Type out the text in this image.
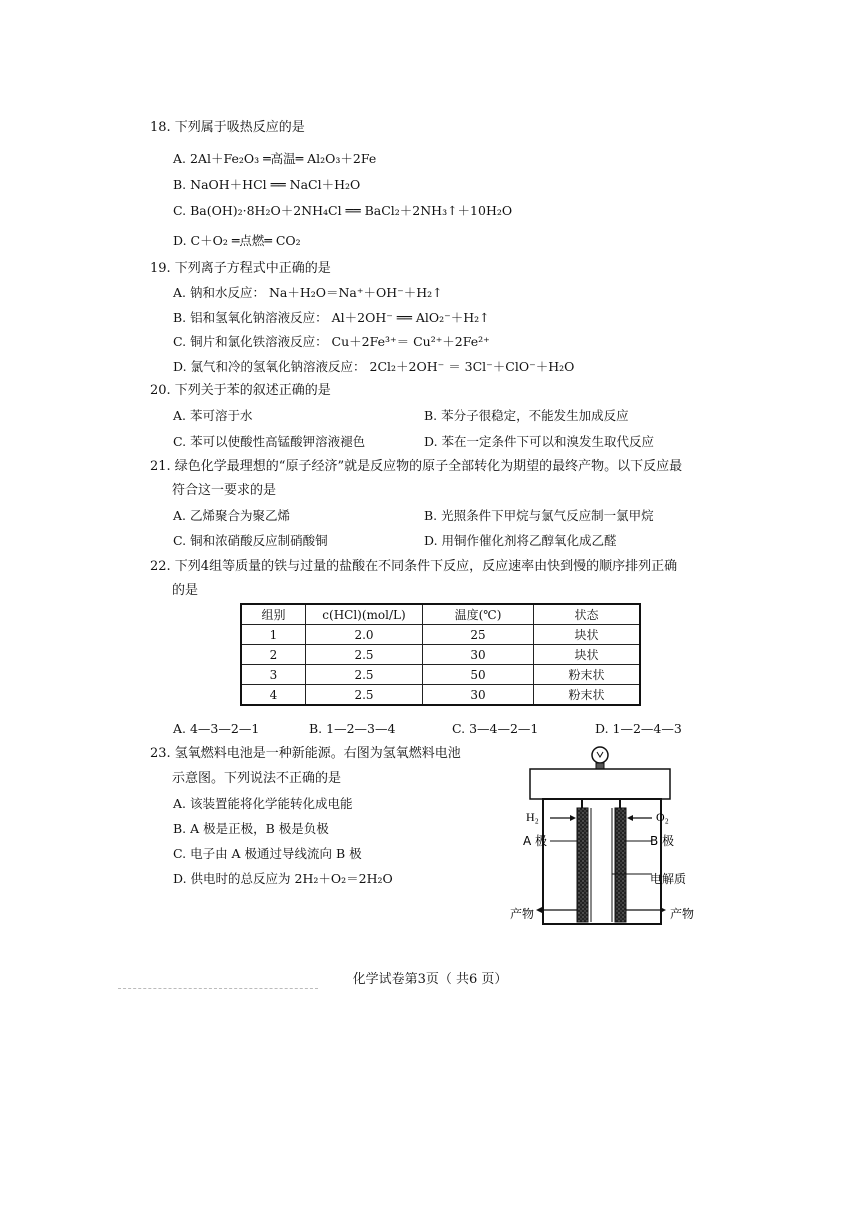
18. 下列属于吸热反应的是
A. 2Al＋Fe₂O₃ ═高温═ Al₂O₃＋2Fe
B. NaOH＋HCl ══ NaCl＋H₂O
C. Ba(OH)₂·8H₂O＋2NH₄Cl ══ BaCl₂＋2NH₃↑＋10H₂O
D. C＋O₂ ═点燃═ CO₂
19. 下列离子方程式中正确的是
A. 钠和水反应： Na＋H₂O＝Na⁺＋OH⁻＋H₂↑
B. 铝和氢氧化钠溶液反应： Al＋2OH⁻ ══ AlO₂⁻＋H₂↑
C. 铜片和氯化铁溶液反应： Cu＋2Fe³⁺＝ Cu²⁺＋2Fe²⁺
D. 氯气和冷的氢氧化钠溶液反应： 2Cl₂＋2OH⁻ ＝ 3Cl⁻＋ClO⁻＋H₂O
20. 下列关于苯的叙述正确的是
A. 苯可溶于水	B. 苯分子很稳定，不能发生加成反应
C. 苯可以使酸性高锰酸钾溶液褪色	D. 苯在一定条件下可以和溴发生取代反应
21. 绿色化学最理想的“原子经济”就是反应物的原子全部转化为期望的最终产物。以下反应最
符合这一要求的是
A. 乙烯聚合为聚乙烯	B. 光照条件下甲烷与氯气反应制一氯甲烷
C. 铜和浓硝酸反应制硝酸铜	D. 用铜作催化剂将乙醇氧化成乙醛
22. 下列4组等质量的铁与过量的盐酸在不同条件下反应，反应速率由快到慢的顺序排列正确
的是
组别	c(HCl)(mol/L)	温度(℃)	状态
1	2.0	25	块状
2	2.5	30	块状
3	2.5	50	粉末状
4	2.5	30	粉末状
A. 4—3—2—1	B. 1—2—3—4	C. 3—4—2—1	D. 1—2—4—3
23. 氢氧燃料电池是一种新能源。右图为氢氧燃料电池
示意图。下列说法不正确的是
A. 该装置能将化学能转化成电能
B. A 极是正极，B 极是负极
C. 电子由 A 极通过导线流向 B 极
D. 供电时的总反应为 2H₂＋O₂＝2H₂O
H₂	O₂
A 极	B 极
电解质
产物	产物
化学试卷第3页（ 共6 页）
